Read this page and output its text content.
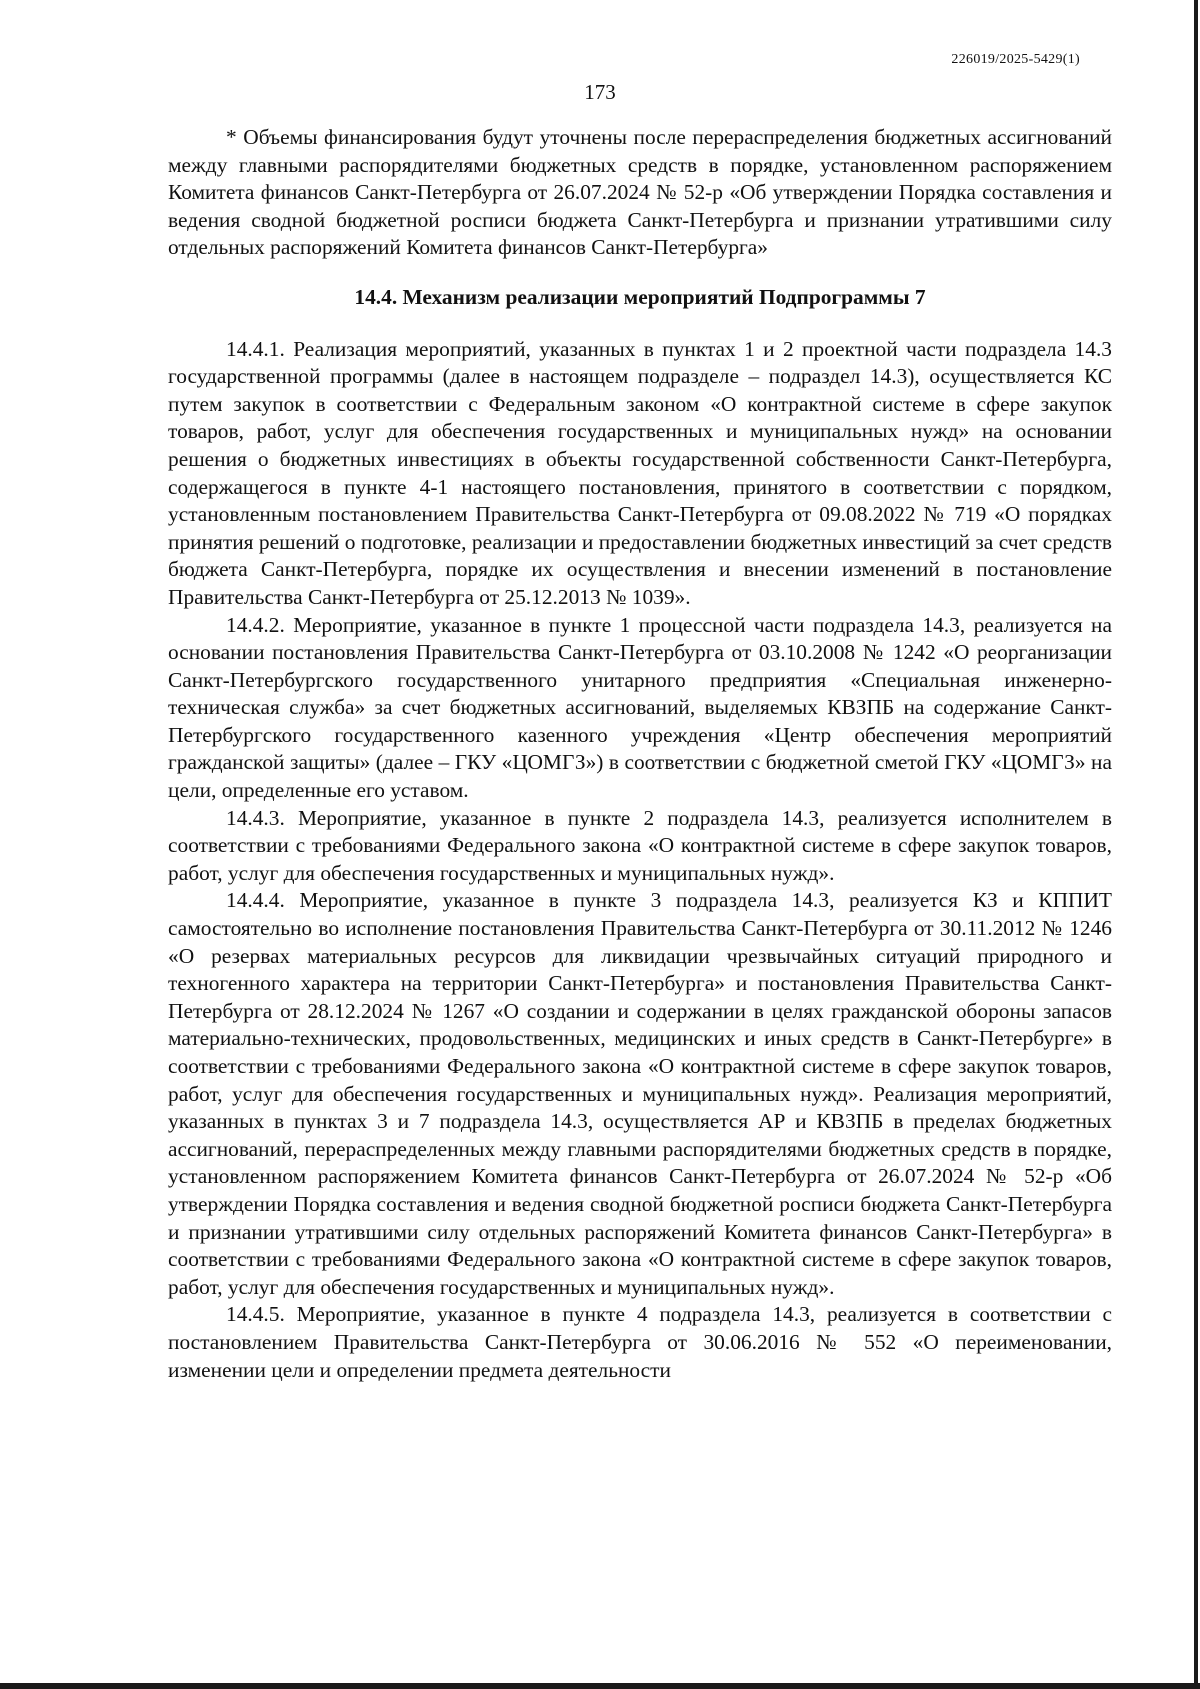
226019/2025-5429(1)
173

* Объемы финансирования будут уточнены после перераспределения бюджетных ассигнований между главными распорядителями бюджетных средств в порядке, установленном распоряжением Комитета финансов Санкт-Петербурга от 26.07.2024 № 52-р «Об утверждении Порядка составления и ведения сводной бюджетной росписи бюджета Санкт-Петербурга и признании утратившими силу отдельных распоряжений Комитета финансов Санкт-Петербурга»

14.4. Механизм реализации мероприятий Подпрограммы 7

14.4.1. Реализация мероприятий, указанных в пунктах 1 и 2 проектной части подраздела 14.3 государственной программы (далее в настоящем подразделе – подраздел 14.3), осуществляется КС путем закупок в соответствии с Федеральным законом «О контрактной системе в сфере закупок товаров, работ, услуг для обеспечения государственных и муниципальных нужд» на основании решения о бюджетных инвестициях в объекты государственной собственности Санкт-Петербурга, содержащегося в пункте 4-1 настоящего постановления, принятого в соответствии с порядком, установленным постановлением Правительства Санкт-Петербурга от 09.08.2022 № 719 «О порядках принятия решений о подготовке, реализации и предоставлении бюджетных инвестиций за счет средств бюджета Санкт-Петербурга, порядке их осуществления и внесении изменений в постановление Правительства Санкт-Петербурга от 25.12.2013 № 1039».

14.4.2. Мероприятие, указанное в пункте 1 процессной части подраздела 14.3, реализуется на основании постановления Правительства Санкт-Петербурга от 03.10.2008 № 1242 «О реорганизации Санкт-Петербургского государственного унитарного предприятия «Специальная инженерно-техническая служба» за счет бюджетных ассигнований, выделяемых КВЗПБ на содержание Санкт-Петербургского государственного казенного учреждения «Центр обеспечения мероприятий гражданской защиты» (далее – ГКУ «ЦОМГЗ») в соответствии с бюджетной сметой ГКУ «ЦОМГЗ» на цели, определенные его уставом.

14.4.3. Мероприятие, указанное в пункте 2 подраздела 14.3, реализуется исполнителем в соответствии с требованиями Федерального закона «О контрактной системе в сфере закупок товаров, работ, услуг для обеспечения государственных и муниципальных нужд».

14.4.4. Мероприятие, указанное в пункте 3 подраздела 14.3, реализуется КЗ и КППИТ самостоятельно во исполнение постановления Правительства Санкт-Петербурга от 30.11.2012 № 1246 «О резервах материальных ресурсов для ликвидации чрезвычайных ситуаций природного и техногенного характера на территории Санкт-Петербурга» и постановления Правительства Санкт-Петербурга от 28.12.2024 № 1267 «О создании и содержании в целях гражданской обороны запасов материально-технических, продовольственных, медицинских и иных средств в Санкт-Петербурге» в соответствии с требованиями Федерального закона «О контрактной системе в сфере закупок товаров, работ, услуг для обеспечения государственных и муниципальных нужд». Реализация мероприятий, указанных в пунктах 3 и 7 подраздела 14.3, осуществляется АР и КВЗПБ в пределах бюджетных ассигнований, перераспределенных между главными распорядителями бюджетных средств в порядке, установленном распоряжением Комитета финансов Санкт-Петербурга от 26.07.2024 № 52-р «Об утверждении Порядка составления и ведения сводной бюджетной росписи бюджета Санкт-Петербурга и признании утратившими силу отдельных распоряжений Комитета финансов Санкт-Петербурга» в соответствии с требованиями Федерального закона «О контрактной системе в сфере закупок товаров, работ, услуг для обеспечения государственных и муниципальных нужд».

14.4.5. Мероприятие, указанное в пункте 4 подраздела 14.3, реализуется в соответствии с постановлением Правительства Санкт-Петербурга от 30.06.2016 № 552 «О переименовании, изменении цели и определении предмета деятельности
